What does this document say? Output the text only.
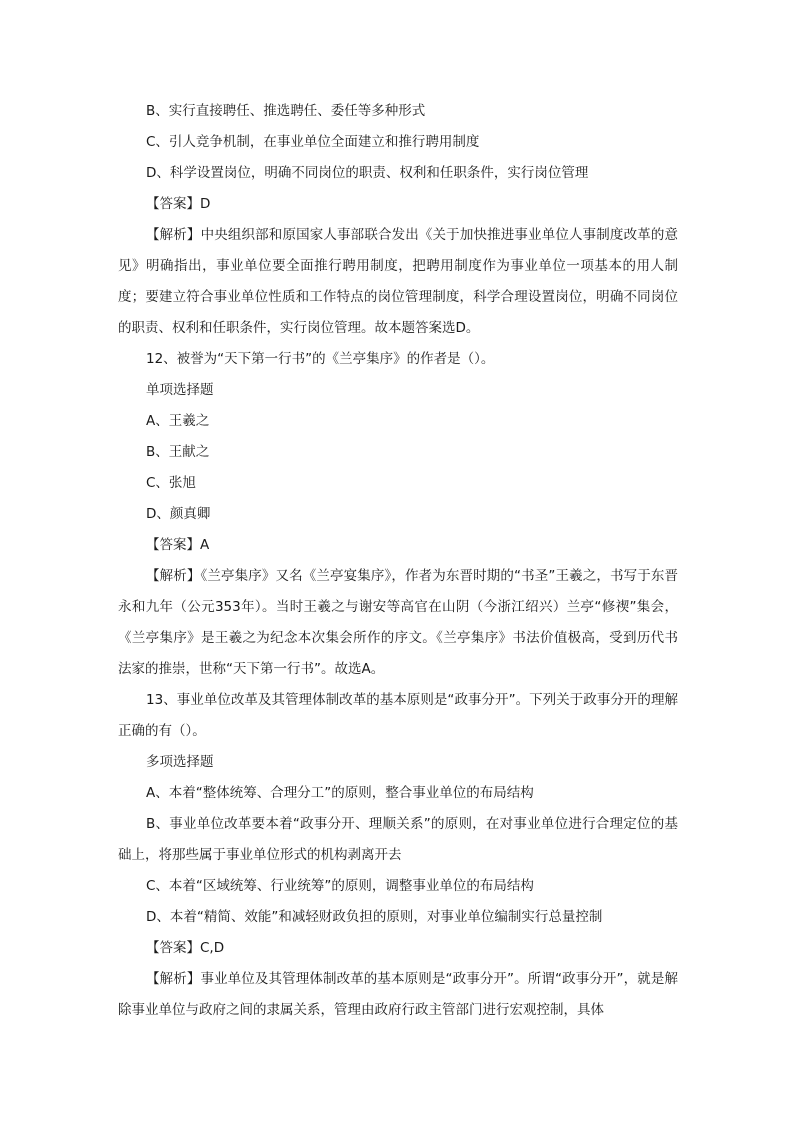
B、实行直接聘任、推选聘任、委任等多种形式
C、引人竞争机制，在事业单位全面建立和推行聘用制度
D、科学设置岗位，明确不同岗位的职责、权利和任职条件，实行岗位管理
【答案】D
【解析】中央组织部和原国家人事部联合发出《关于加快推进事业单位人事制度改革的意见》明确指出，事业单位要全面推行聘用制度，把聘用制度作为事业单位一项基本的用人制度；要建立符合事业单位性质和工作特点的岗位管理制度，科学合理设置岗位，明确不同岗位的职责、权利和任职条件，实行岗位管理。故本题答案选D。
12、被誉为“天下第一行书”的《兰亭集序》的作者是（）。
单项选择题
A、王羲之
B、王献之
C、张旭
D、颜真卿
【答案】A
【解析】《兰亭集序》又名《兰亭宴集序》，作者为东晋时期的“书圣”王羲之，书写于东晋永和九年（公元353年）。当时王羲之与谢安等高官在山阴（今浙江绍兴）兰亭“修禊”集会，《兰亭集序》是王羲之为纪念本次集会所作的序文。《兰亭集序》书法价值极高，受到历代书法家的推崇，世称“天下第一行书”。故选A。
13、事业单位改革及其管理体制改革的基本原则是“政事分开”。下列关于政事分开的理解正确的有（）。
多项选择题
A、本着“整体统筹、合理分工”的原则，整合事业单位的布局结构
B、事业单位改革要本着“政事分开、理顺关系”的原则，在对事业单位进行合理定位的基础上，将那些属于事业单位形式的机构剥离开去
C、本着“区域统筹、行业统筹”的原则，调整事业单位的布局结构
D、本着“精简、效能”和减轻财政负担的原则，对事业单位编制实行总量控制
【答案】C,D
【解析】事业单位及其管理体制改革的基本原则是“政事分开”。所谓“政事分开”，就是解除事业单位与政府之间的隶属关系，管理由政府行政主管部门进行宏观控制，具体
